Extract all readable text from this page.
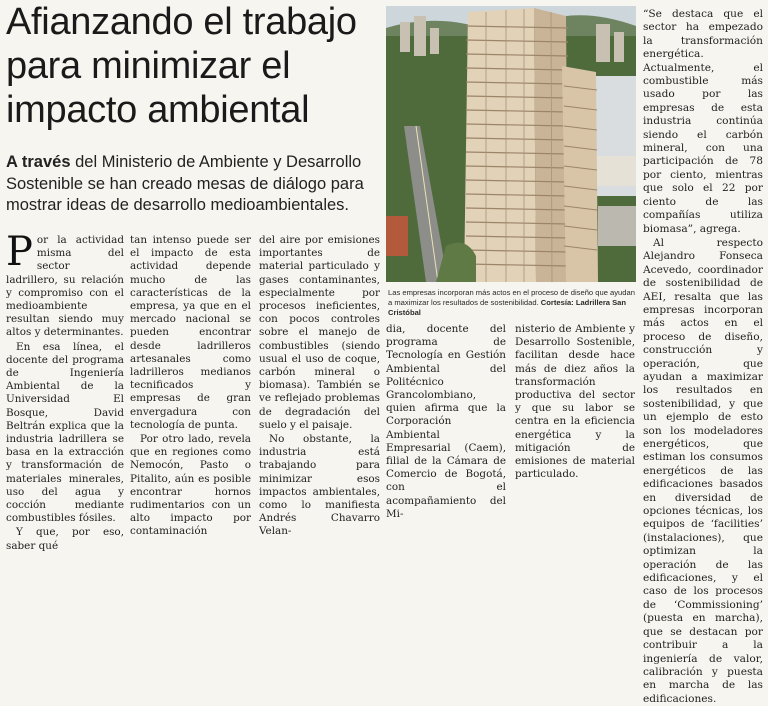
Afianzando el trabajo para minimizar el impacto ambiental
A través del Ministerio de Ambiente y Desarrollo Sostenible se han creado mesas de diálogo para mostrar ideas de desarrollo medioambientales.

Por la actividad misma del sector ladrillero, su relación y compromiso con el medioambiente resultan siendo muy altos y determinantes.

En esa línea, el docente del programa de Ingeniería Ambiental de la Universidad El Bosque, David Beltrán explica que la industria ladrillera se basa en la extracción y transformación de materiales minerales, uso del agua y cocción mediante combustibles fósiles.

Y que, por eso, saber qué

tan intenso puede ser el impacto de esta actividad depende mucho de las características de la empresa, ya que en el mercado nacional se pueden encontrar desde ladrilleros artesanales como ladrilleros medianos tecnificados y empresas de gran envergadura con tecnología de punta.

Por otro lado, revela que en regiones como Nemocón, Pasto o Pitalito, aún es posible encontrar hornos rudimentarios con un alto impacto por contaminación

del aire por emisiones importantes de material particulado y gases contaminantes, especialmente por procesos ineficientes, con pocos controles sobre el manejo de combustibles (siendo usual el uso de coque, carbón mineral o biomasa). También se ve reflejado problemas de degradación del suelo y el paisaje.

No obstante, la industria está trabajando para minimizar esos impactos ambientales, como lo manifiesta Andrés Chavarro Velan-

Las empresas incorporan más actos en el proceso de diseño que ayudan a maximizar los resultados de sostenibilidad. Cortesía: Ladrillera San Cristóbal

dia, docente del programa de Tecnología en Gestión Ambiental del Politécnico Grancolombiano, quien afirma que la Corporación Ambiental Empresarial (Caem), filial de la Cámara de Comercio de Bogotá, con el acompañamiento del Mi-

nisterio de Ambiente y Desarrollo Sostenible, facilitan desde hace más de diez años la transformación productiva del sector y que su labor se centra en la eficiencia energética y la mitigación de emisiones de material particulado.

“Se destaca que el sector ha empezado la transformación energética. Actualmente, el combustible más usado por las empresas de esta industria continúa siendo el carbón mineral, con una participación de 78 por ciento, mientras que solo el 22 por ciento de las compañías utiliza biomasa”, agrega.

Al respecto Alejandro Fonseca Acevedo, coordinador de sostenibilidad de AEI, resalta que las empresas incorporan más actos en el proceso de diseño, construcción y operación, que ayudan a maximizar los resultados en sostenibilidad, y que un ejemplo de esto son los modeladores energéticos, que estiman los consumos energéticos de las edificaciones basados en diversidad de opciones técnicas, los equipos de ‘facilities’ (instalaciones), que optimizan la operación de las edificaciones, y el caso de los procesos de ‘Commissioning’ (puesta en marcha), que se destacan por contribuir a la ingeniería de valor, calibración y puesta en marcha de las edificaciones.
